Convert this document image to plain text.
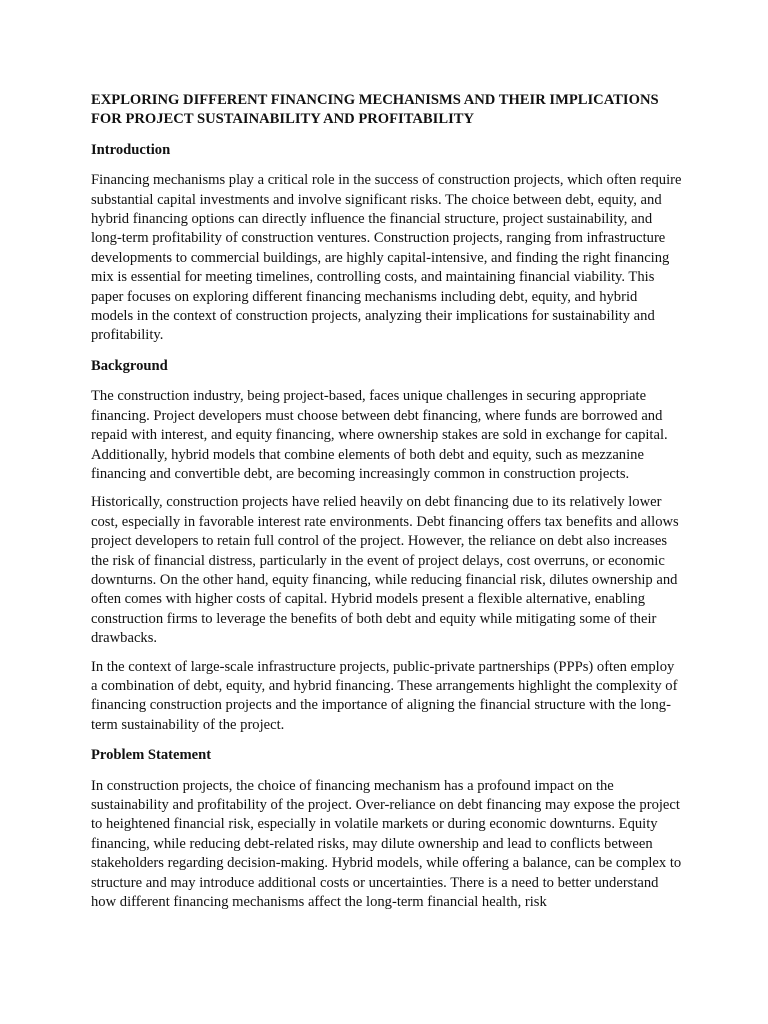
EXPLORING DIFFERENT FINANCING MECHANISMS AND THEIR IMPLICATIONS FOR PROJECT SUSTAINABILITY AND PROFITABILITY
Introduction

Financing mechanisms play a critical role in the success of construction projects, which often require substantial capital investments and involve significant risks. The choice between debt, equity, and hybrid financing options can directly influence the financial structure, project sustainability, and long-term profitability of construction ventures. Construction projects, ranging from infrastructure developments to commercial buildings, are highly capital-intensive, and finding the right financing mix is essential for meeting timelines, controlling costs, and maintaining financial viability. This paper focuses on exploring different financing mechanisms including debt, equity, and hybrid models in the context of construction projects, analyzing their implications for sustainability and profitability.

Background

The construction industry, being project-based, faces unique challenges in securing appropriate financing. Project developers must choose between debt financing, where funds are borrowed and repaid with interest, and equity financing, where ownership stakes are sold in exchange for capital. Additionally, hybrid models that combine elements of both debt and equity, such as mezzanine financing and convertible debt, are becoming increasingly common in construction projects.

Historically, construction projects have relied heavily on debt financing due to its relatively lower cost, especially in favorable interest rate environments. Debt financing offers tax benefits and allows project developers to retain full control of the project. However, the reliance on debt also increases the risk of financial distress, particularly in the event of project delays, cost overruns, or economic downturns. On the other hand, equity financing, while reducing financial risk, dilutes ownership and often comes with higher costs of capital. Hybrid models present a flexible alternative, enabling construction firms to leverage the benefits of both debt and equity while mitigating some of their drawbacks.

In the context of large-scale infrastructure projects, public-private partnerships (PPPs) often employ a combination of debt, equity, and hybrid financing. These arrangements highlight the complexity of financing construction projects and the importance of aligning the financial structure with the long-term sustainability of the project.

Problem Statement

In construction projects, the choice of financing mechanism has a profound impact on the sustainability and profitability of the project. Over-reliance on debt financing may expose the project to heightened financial risk, especially in volatile markets or during economic downturns. Equity financing, while reducing debt-related risks, may dilute ownership and lead to conflicts between stakeholders regarding decision-making. Hybrid models, while offering a balance, can be complex to structure and may introduce additional costs or uncertainties. There is a need to better understand how different financing mechanisms affect the long-term financial health, risk
